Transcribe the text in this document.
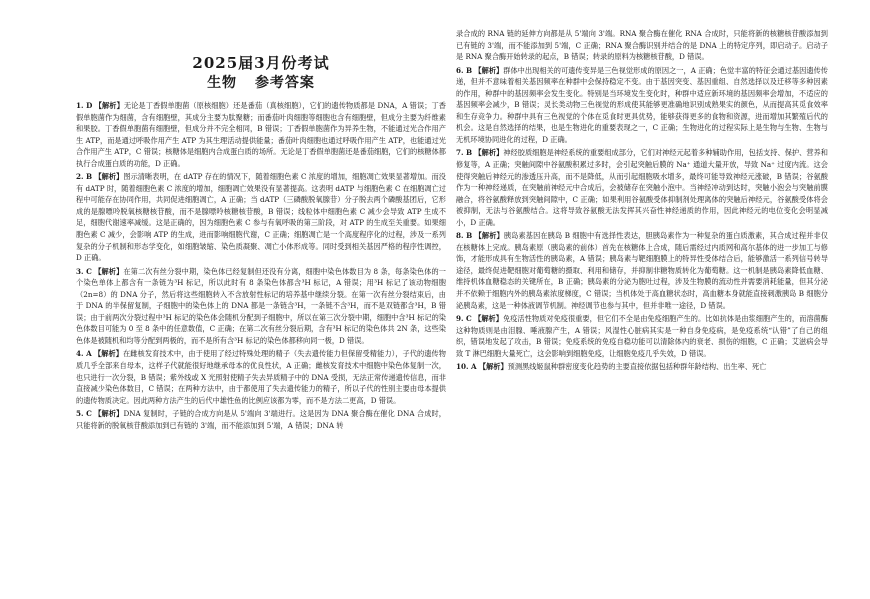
2025届3月份考试
生物 参考答案

1. D 【解析】无论是丁香假单胞菌（原核细胞）还是番茄（真核细胞），它们的遗传物质都是 DNA，A 错误；丁香假单胞菌作为细菌，含有细胞壁，其成分主要为肽聚糖；而番茄叶肉细胞等细胞也含有细胞壁，但成分主要为纤维素和果胶。丁香假单胞菌有细胞壁，但成分并不完全相同，B 错误；丁香假单胞菌作为异养生物，不能通过光合作用产生 ATP，而是通过呼吸作用产生 ATP 为其生理活动提供能量；番茄叶肉细胞也通过呼吸作用产生 ATP，也能通过光合作用产生 ATP，C 错误；核糖体是细胞内合成蛋白质的场所。无论是丁香假单胞菌还是番茄细胞，它们的核糖体都执行合成蛋白质的功能，D 正确。

2. B 【解析】图示清晰表明，在 dATP 存在的情况下，随着细胞色素 C 浓度的增加，细胞凋亡效果显著增加。而没有 dATP 时，随着细胞色素 C 浓度的增加，细胞凋亡效果没有显著提高。这表明 dATP 与细胞色素 C 在细胞凋亡过程中可能存在协同作用，共同促进细胞凋亡，A 正确；当 dATP（三磷酸脱氧腺苷）分子脱去两个磷酸基团后，它形成的是腺嘌呤脱氧核糖核苷酸，而不是腺嘌呤核糖核苷酸，B 错误；线粒体中细胞色素 C 减少会导致 ATP 生成不足，细胞代谢速率减缓。这是正确的，因为细胞色素 C 参与有氧呼吸的第三阶段，对 ATP 的生成至关重要。如果细胞色素 C 减少，会影响 ATP 的生成，进而影响细胞代谢，C 正确；细胞凋亡是一个高度程序化的过程，涉及一系列复杂的分子机制和形态学变化，如细胞皱缩、染色质凝聚、凋亡小体形成等。同时受到相关基因严格的程序性调控，D 正确。

3. C 【解析】在第二次有丝分裂中期，染色体已经复制但还没有分离，细胞中染色体数目为 8 条，每条染色体的一个染色单体上都含有一条链为³H 标记，所以此时有 8 条染色体都含³H 标记，A 错误；用³H 标记了该动物细胞（2n=8）的 DNA 分子，然后将这些细胞转入不含放射性标记的培养基中继续分裂。在第一次有丝分裂结束后，由于 DNA 的半保留复制，子细胞中的染色体上的 DNA 都是一条链含³H，一条链不含³H，而不是双链都含³H，B 错误；由于前两次分裂过程中³H 标记的染色体会随机分配到子细胞中，所以在第三次分裂中期，细胞中含³H 标记的染色体数目可能为 0 至 8 条中的任意数值，C 正确；在第二次有丝分裂后期，含有³H 标记的染色体共 2N 条，这些染色体是被随机和均等分配到两极的，而不是所有含³H 标记的染色体都移向同一极，D 错误。

4. A 【解析】在雌核发育技术中，由于使用了经过特殊处理的精子（失去遗传能力但保留受精能力），子代的遗传物质几乎全部来自母本，这样子代就能很好地继承母本的优良性状，A 正确；雌核发育技术中细胞中染色体复制一次，也只进行一次分裂，B 错误；紫外线或 X 光照射使精子失去异质精子中的 DNA 受损，无法正常传递遗传信息，而非直接减少染色体数目，C 错误；在两种方法中，由于都使用了失去遗传能力的精子，所以子代的性别主要由母本提供的遗传物质决定。因此两种方法产生的后代中雄性鱼的比例应该都为零，而不是方法二更高，D 错误。

5. C 【解析】DNA 复制时，子链的合成方向是从 5'端向 3'端进行。这是因为 DNA 聚合酶在催化 DNA 合成时，只能将新的脱氧核苷酸添加到已有链的 3'端，而不能添加到 5'端，A 错误；DNA 转

录合成的 RNA 链的延伸方向都是从 5'端向 3'端。RNA 聚合酶在催化 RNA 合成时，只能将新的核糖核苷酸添加到已有链的 3'端，而不能添加到 5'端，C 正确；RNA 聚合酶识别并结合的是 DNA 上的特定序列，即启动子。启动子是 RNA 聚合酶开始转录的起点，B 错误；转录的原料为核糖核苷酸，D 错误。

6. B 【解析】群体中出现相关的可遗传变异是三色视觉形成的原因之一，A 正确；色觉丰富的特征会通过基因遗传传递，但并不意味着相关基因频率在种群中会保持稳定不变。由于基因突变、基因重组、自然选择以及迁移等多种因素的作用，种群中的基因频率会发生变化。特别是当环境发生变化时，种群中适应新环境的基因频率会增加，不适应的基因频率会减少，B 错误；灵长类动物三色视觉的形成使其能够更准确地识别成熟果实的颜色，从而提高其觅食效率和生存竞争力。种群中具有三色视觉的个体在觅食时更具优势，能够获得更多的食物和资源，进而增加其繁殖后代的机会。这是自然选择的结果，也是生物进化的重要表现之一，C 正确；生物进化的过程实际上是生物与生物、生物与无机环境协同进化的过程，D 正确。

7. B 【解析】神经胶质细胞是神经系统的重要组成部分，它们对神经元起着多种辅助作用，包括支持、保护、营养和修复等，A 正确；突触间隙中谷氨酸积累过多时，会引起突触后膜的 Na⁺ 通道大量开放，导致 Na⁺ 过度内流。这会使得突触后神经元的渗透压升高，而不是降低，从而引起细胞吸水增多，最终可能导致神经元涨破，B 错误；谷氨酸作为一种神经递质，在突触前神经元中合成后，会被储存在突触小泡中。当神经冲动到达时，突触小泡会与突触前膜融合，将谷氨酸释放到突触间隙中，C 正确；如果利用谷氨酸受体抑制剂处理离体的突触后神经元，谷氨酸受体将会被抑制，无法与谷氨酸结合。这将导致谷氨酸无法发挥其兴奋性神经递质的作用，因此神经元的电位变化会明显减小，D 正确。

8. B 【解析】胰岛素基因在胰岛 B 细胞中有选择性表达，胆胰岛素作为一种复杂的蛋白质激素，其合成过程并非仅在核糖体上完成。胰岛素原（胰岛素的前体）首先在核糖体上合成，随后需经过内质网和高尔基体的进一步加工与修饰，才能形成具有生物活性的胰岛素，A 错误；胰岛素与靶细胞膜上的特异性受体结合后，能够激活一系列信号转导途径，最终促进靶细胞对葡萄糖的摄取、利用和储存，并抑制非糖物质转化为葡萄糖。这一机制是胰岛素降低血糖、维持机体血糖稳态的关键所在，B 正确；胰岛素的分泌为胞吐过程，涉及生物膜的流动性并需要消耗能量，但其分泌并不依赖于细胞内外的胰岛素浓度梯度，C 错误；当机体处于高血糖状态时，高血糖本身就能直接刺激胰岛 B 细胞分泌胰岛素，这是一种体液调节机制。神经调节也参与其中，但并非唯一途径，D 错误。

9. C 【解析】免疫活性物质对免疫很重要，但它们不全是由免疫细胞产生的。比如抗体是由浆细胞产生的，而溶菌酶这种物质则是由泪腺、唾液腺产生，A 错误；风湿性心脏病其实是一种自身免疫病，是免疫系统“认错”了自己的组织，错误地发起了攻击，B 错误；免疫系统的免疫自稳功能可以清除体内的衰老、损伤的细胞，C 正确；艾滋病会导致 T 淋巴细胞大量死亡，这会影响到细胞免疫，让细胞免疫几乎失效，D 错误。

10. A 【解析】预测黑线姬鼠种群密度变化趋势的主要直接依据包括种群年龄结构、出生率、死亡
